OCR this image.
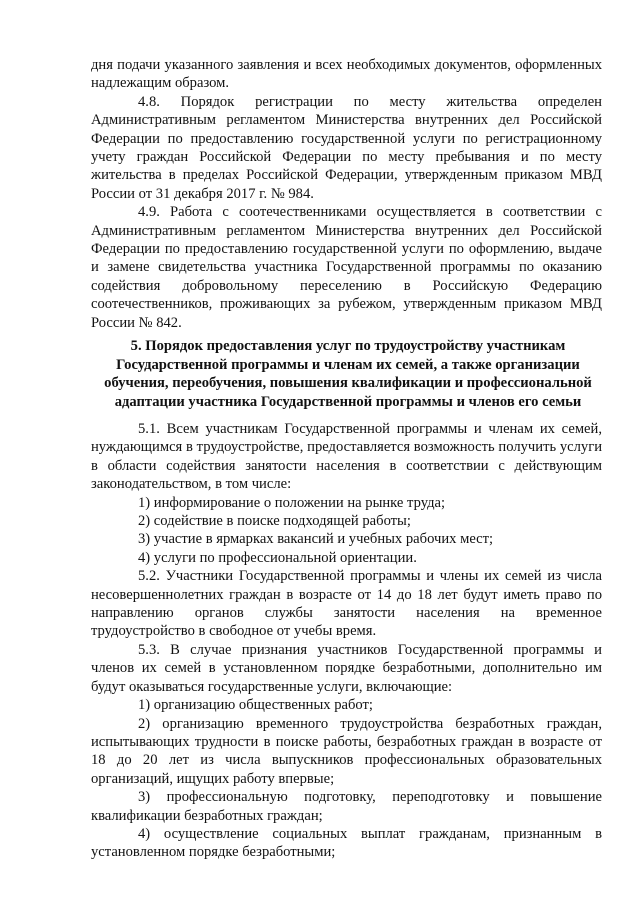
дня подачи указанного заявления и всех необходимых документов, оформленных надлежащим образом.

4.8. Порядок регистрации по месту жительства определен Административным регламентом Министерства внутренних дел Российской Федерации по предоставлению государственной услуги по регистрационному учету граждан Российской Федерации по месту пребывания и по месту жительства в пределах Российской Федерации, утвержденным приказом МВД России от 31 декабря 2017 г. № 984.

4.9. Работа с соотечественниками осуществляется в соответствии с Административным регламентом Министерства внутренних дел Российской Федерации по предоставлению государственной услуги по оформлению, выдаче и замене свидетельства участника Государственной программы по оказанию содействия добровольному переселению в Российскую Федерацию соотечественников, проживающих за рубежом, утвержденным приказом МВД России № 842.

5. Порядок предоставления услуг по трудоустройству участникам Государственной программы и членам их семей, а также организации обучения, переобучения, повышения квалификации и профессиональной адаптации участника Государственной программы и членов его семьи

5.1. Всем участникам Государственной программы и членам их семей, нуждающимся в трудоустройстве, предоставляется возможность получить услуги в области содействия занятости населения в соответствии с действующим законодательством, в том числе:

1) информирование о положении на рынке труда;

2) содействие в поиске подходящей работы;

3) участие в ярмарках вакансий и учебных рабочих мест;

4) услуги по профессиональной ориентации.

5.2. Участники Государственной программы и члены их семей из числа несовершеннолетних граждан в возрасте от 14 до 18 лет будут иметь право по направлению органов службы занятости населения на временное трудоустройство в свободное от учебы время.

5.3. В случае признания участников Государственной программы и членов их семей в установленном порядке безработными, дополнительно им будут оказываться государственные услуги, включающие:

1) организацию общественных работ;

2) организацию временного трудоустройства безработных граждан, испытывающих трудности в поиске работы, безработных граждан в возрасте от 18 до 20 лет из числа выпускников профессиональных образовательных организаций, ищущих работу впервые;

3) профессиональную подготовку, переподготовку и повышение квалификации безработных граждан;

4) осуществление социальных выплат гражданам, признанным в установленном порядке безработными;
